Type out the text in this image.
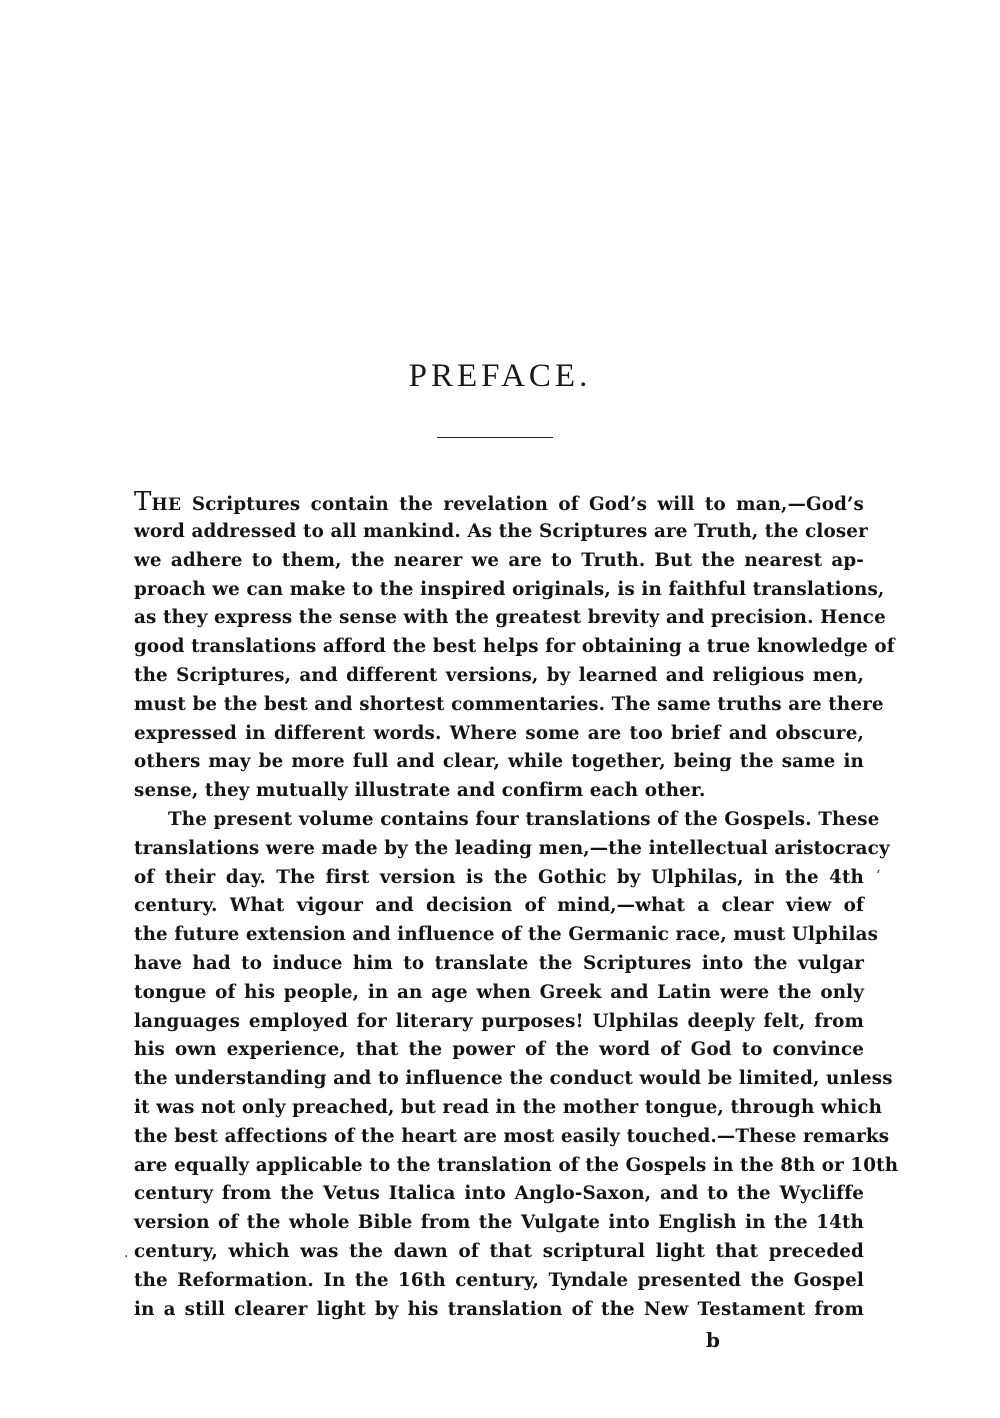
PREFACE.
THE Scriptures contain the revelation of God’s will to man,—God’s
word addressed to all mankind. As the Scriptures are Truth, the closer
we adhere to them, the nearer we are to Truth. But the nearest ap-
proach we can make to the inspired originals, is in faithful translations,
as they express the sense with the greatest brevity and precision. Hence
good translations afford the best helps for obtaining a true knowledge of
the Scriptures, and different versions, by learned and religious men,
must be the best and shortest commentaries. The same truths are there
expressed in different words. Where some are too brief and obscure,
others may be more full and clear, while together, being the same in
sense, they mutually illustrate and confirm each other.
The present volume contains four translations of the Gospels. These
translations were made by the leading men,—the intellectual aristocracy
of their day. The first version is the Gothic by Ulphilas, in the 4th
century. What vigour and decision of mind,—what a clear view of
the future extension and influence of the Germanic race, must Ulphilas
have had to induce him to translate the Scriptures into the vulgar
tongue of his people, in an age when Greek and Latin were the only
languages employed for literary purposes! Ulphilas deeply felt, from
his own experience, that the power of the word of God to convince
the understanding and to influence the conduct would be limited, unless
it was not only preached, but read in the mother tongue, through which
the best affections of the heart are most easily touched.—These remarks
are equally applicable to the translation of the Gospels in the 8th or 10th
century from the Vetus Italica into Anglo-Saxon, and to the Wycliffe
version of the whole Bible from the Vulgate into English in the 14th
century, which was the dawn of that scriptural light that preceded
the Reformation. In the 16th century, Tyndale presented the Gospel
in a still clearer light by his translation of the New Testament from
‘
.
b
